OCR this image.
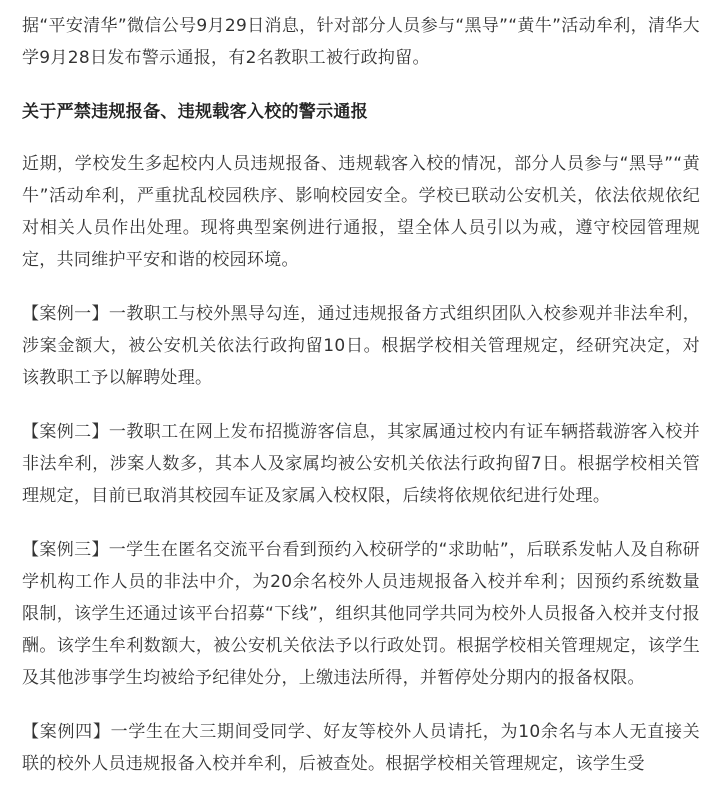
据“平安清华”微信公号9月29日消息，针对部分人员参与“黑导”“黄牛”活动牟利，清华大学9月28日发布警示通报，有2名教职工被行政拘留。

关于严禁违规报备、违规载客入校的警示通报

近期，学校发生多起校内人员违规报备、违规载客入校的情况，部分人员参与“黑导”“黄牛”活动牟利，严重扰乱校园秩序、影响校园安全。学校已联动公安机关，依法依规依纪对相关人员作出处理。现将典型案例进行通报，望全体人员引以为戒，遵守校园管理规定，共同维护平安和谐的校园环境。

【案例一】一教职工与校外黑导勾连，通过违规报备方式组织团队入校参观并非法牟利，涉案金额大，被公安机关依法行政拘留10日。根据学校相关管理规定，经研究决定，对该教职工予以解聘处理。

【案例二】一教职工在网上发布招揽游客信息，其家属通过校内有证车辆搭载游客入校并非法牟利，涉案人数多，其本人及家属均被公安机关依法行政拘留7日。根据学校相关管理规定，目前已取消其校园车证及家属入校权限，后续将依规依纪进行处理。

【案例三】一学生在匿名交流平台看到预约入校研学的“求助帖”，后联系发帖人及自称研学机构工作人员的非法中介，为20余名校外人员违规报备入校并牟利；因预约系统数量限制，该学生还通过该平台招募“下线”，组织其他同学共同为校外人员报备入校并支付报酬。该学生牟利数额大，被公安机关依法予以行政处罚。根据学校相关管理规定，该学生及其他涉事学生均被给予纪律处分，上缴违法所得，并暂停处分期内的报备权限。

【案例四】一学生在大三期间受同学、好友等校外人员请托，为10余名与本人无直接关联的校外人员违规报备入校并牟利，后被查处。根据学校相关管理规定，该学生受
